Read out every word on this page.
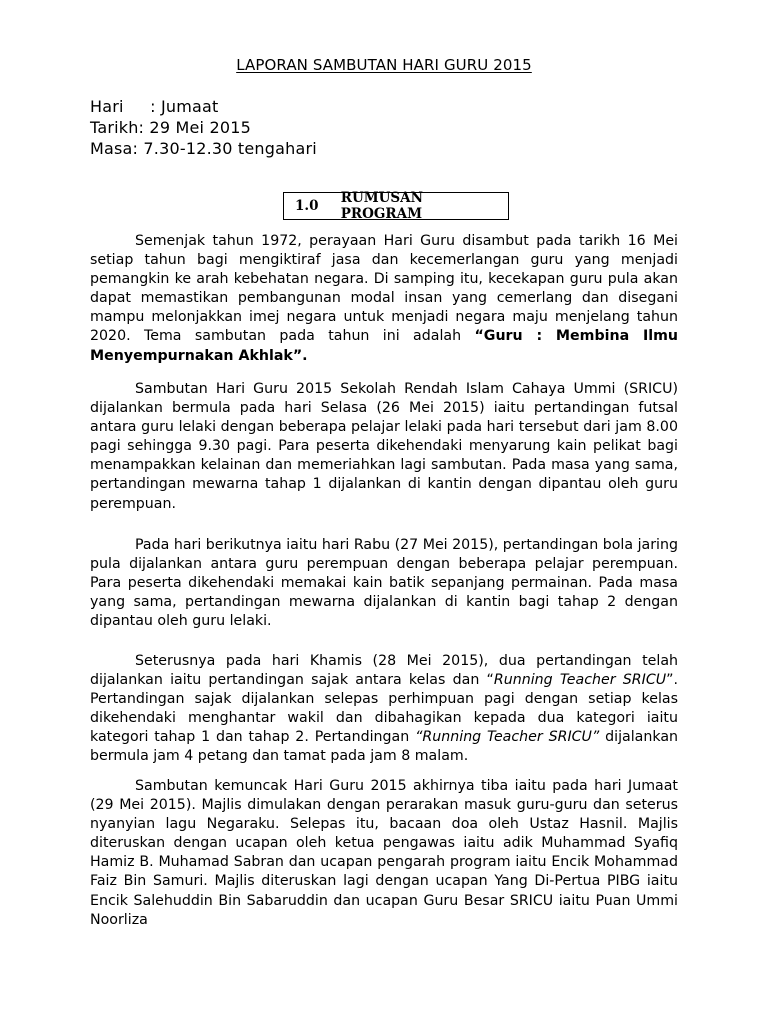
LAPORAN SAMBUTAN HARI GURU 2015
Hari     : Jumaat
Tarikh: 29 Mei 2015
Masa: 7.30-12.30 tengahari
1.0	RUMUSAN PROGRAM
Semenjak tahun 1972, perayaan Hari Guru disambut pada tarikh 16 Mei setiap tahun bagi mengiktiraf jasa dan kecemerlangan guru yang menjadi pemangkin ke arah kebehatan negara. Di samping itu, kecekapan guru pula akan dapat memastikan pembangunan modal insan yang cemerlang dan disegani mampu melonjakkan imej negara untuk menjadi negara maju menjelang tahun 2020. Tema sambutan pada tahun ini adalah “Guru : Membina Ilmu Menyempurnakan Akhlak”.
Sambutan Hari Guru 2015 Sekolah Rendah Islam Cahaya Ummi (SRICU) dijalankan bermula pada hari Selasa (26 Mei 2015) iaitu pertandingan futsal antara guru lelaki dengan beberapa pelajar lelaki pada hari tersebut dari jam 8.00 pagi sehingga 9.30 pagi. Para peserta dikehendaki menyarung kain pelikat bagi menampakkan kelainan dan memeriahkan lagi sambutan. Pada masa yang sama, pertandingan mewarna tahap 1 dijalankan di kantin dengan dipantau oleh guru perempuan.
Pada hari berikutnya iaitu hari Rabu (27 Mei 2015), pertandingan bola jaring pula dijalankan antara guru perempuan dengan beberapa pelajar perempuan. Para peserta dikehendaki memakai kain batik sepanjang permainan. Pada masa yang sama, pertandingan mewarna dijalankan di kantin bagi tahap 2 dengan dipantau oleh guru lelaki.
Seterusnya pada hari Khamis (28 Mei 2015), dua pertandingan telah dijalankan iaitu pertandingan sajak antara kelas dan “Running Teacher SRICU”. Pertandingan sajak dijalankan selepas perhimpuan pagi dengan setiap kelas dikehendaki menghantar wakil dan dibahagikan kepada dua kategori iaitu kategori tahap 1 dan tahap 2. Pertandingan “Running Teacher SRICU” dijalankan bermula jam 4 petang dan tamat pada jam 8 malam.
Sambutan kemuncak Hari Guru 2015 akhirnya tiba iaitu pada hari Jumaat (29 Mei 2015). Majlis dimulakan dengan perarakan masuk guru-guru dan seterus nyanyian lagu Negaraku. Selepas itu, bacaan doa oleh Ustaz Hasnil. Majlis diteruskan dengan ucapan oleh ketua pengawas iaitu adik Muhammad Syafiq Hamiz B. Muhamad Sabran dan ucapan pengarah program iaitu Encik Mohammad Faiz Bin Samuri. Majlis diteruskan lagi dengan ucapan Yang Di-Pertua PIBG iaitu Encik Salehuddin Bin Sabaruddin dan ucapan Guru Besar SRICU iaitu Puan Ummi Noorliza
